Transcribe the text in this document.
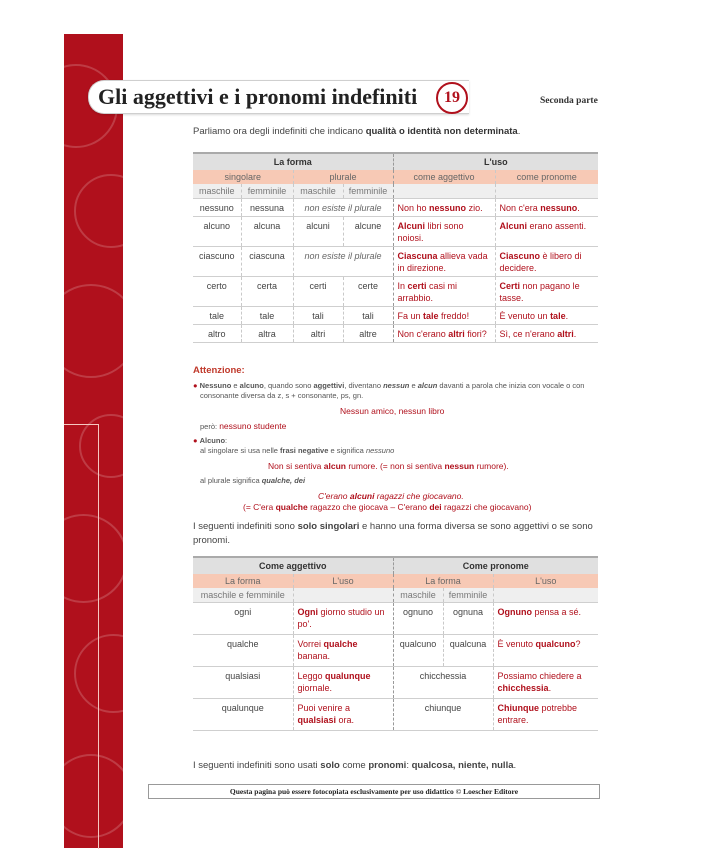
Gli aggettivi e i pronomi indefiniti	19	Seconda parte
Parliamo ora degli indefiniti che indicano qualità o identità non determinata.
La forma				L'uso	
singolare		plurale		come aggettivo	come pronome
maschile	femminile	maschile	femminile		
nessuno	nessuna	non esiste il plurale		Non ho nessuno zio.	Non c'era nessuno.
alcuno	alcuna	alcuni	alcune	Alcuni libri sono noiosi.	Alcuni erano assenti.
ciascuno	ciascuna	non esiste il plurale		Ciascuna allieva vada in direzione.	Ciascuno è libero di decidere.
certo	certa	certi	certe	In certi casi mi arrabbio.	Certi non pagano le tasse.
tale	tale	tali	tali	Fa un tale freddo!	È venuto un tale.
altro	altra	altri	altre	Non c'erano altri fiori?	Sì, ce n'erano altri.
Attenzione:
● Nessuno e alcuno, quando sono aggettivi, diventano nessun e alcun davanti a parola che inizia con vocale o con
consonante diversa da z, s + consonante, ps, gn.
Nessun amico, nessun libro
però: nessuno studente
● Alcuno:
al singolare si usa nelle frasi negative e significa nessuno
Non si sentiva alcun rumore. (= non si sentiva nessun rumore).
al plurale significa qualche, dei
C'erano alcuni ragazzi che giocavano.
(= C'era qualche ragazzo che giocava – C'erano dei ragazzi che giocavano)
I seguenti indefiniti sono solo singolari e hanno una forma diversa se sono aggettivi o se sono pronomi.
Come aggettivo		Come pronome		
La forma	L'uso	La forma		L'uso
maschile e femminile		maschile	femminile	
ogni	Ogni giorno studio un po'.	ognuno	ognuna	Ognuno pensa a sé.
qualche	Vorrei qualche banana.	qualcuno	qualcuna	È venuto qualcuno?
qualsiasi	Leggo qualunque giornale.	chicchessia		Possiamo chiedere a chicchessia.
qualunque	Puoi venire a qualsiasi ora.	chiunque		Chiunque potrebbe entrare.
I seguenti indefiniti sono usati solo come pronomi: qualcosa, niente, nulla.
Questa pagina può essere fotocopiata esclusivamente per uso didattico © Loescher Editore
